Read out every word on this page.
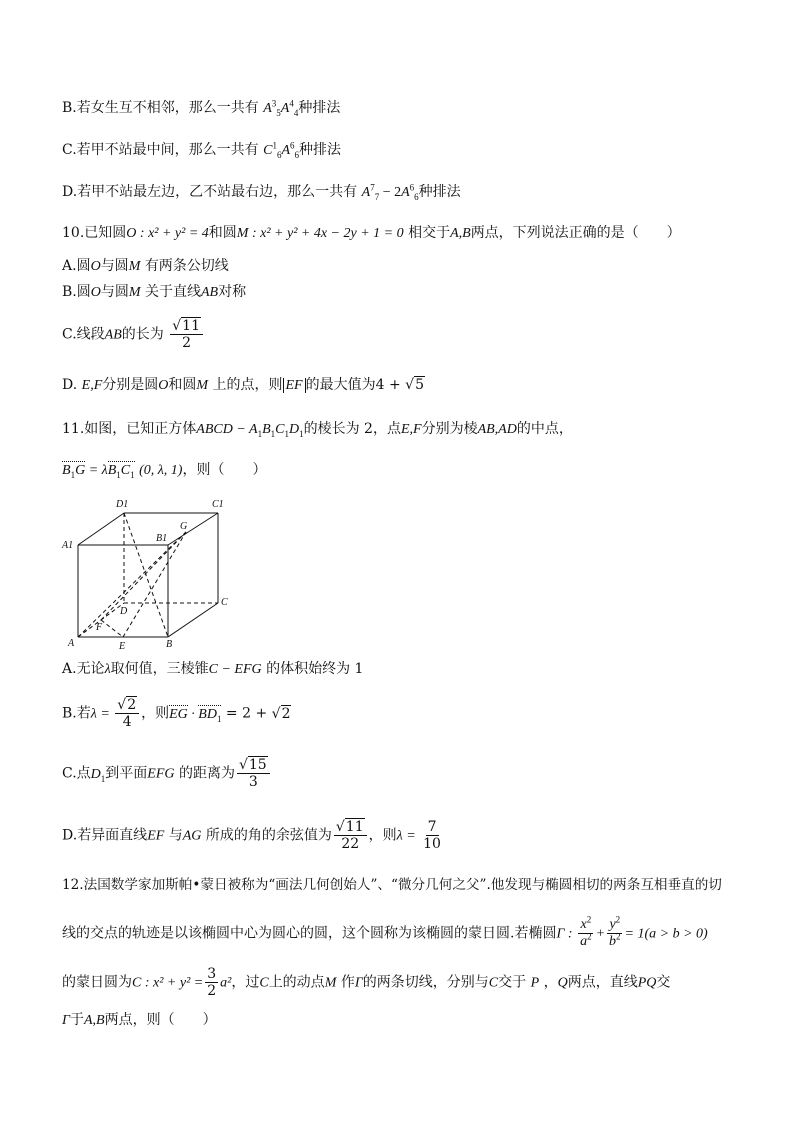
B.若女生互不相邻，那么一共有 $A^3_5A^4_4$种排法
C.若甲不站最中间，那么一共有 $C^1_6A^6_6$种排法
D.若甲不站最左边，乙不站最右边，那么一共有 $A^7_7 - 2A^6_6$种排法
10.已知圆O : x² + y² = 4和圆M : x² + y² + 4x − 2y + 1 = 0 相交于A,B两点，下列说法正确的是（　　）
A.圆O与圆M 有两条公切线
B.圆O与圆M 关于直线AB对称
C.线段AB的长为 $\frac{√11}{2}$
D. E,F分别是圆O和圆M 上的点，则 EF 的最大值为4 + √5
11.如图，已知正方体ABCD − $A_1B_1C_1D_1$的棱长为 2，点E,F分别为棱AB,AD的中点，
$B_1G = \lambda B_1C_1$ (0, λ, 1)，则（　　）
D1	C1
A1
B1
G
D
C
A
F
E	B
A.无论λ取何值，三棱锥C − EFG 的体积始终为 1
B.若$\lambda = \frac{√2}{4}$ ，则EG · $BD_1 = 2 + √2$
C.点$D_1$到平面EFG 的距离为 $\frac{√15}{3}$
D.若异面直线EF 与AG 所成的角的余弦值为 $\frac{√11}{22}$ ，则$\lambda = \frac{7}{10}$
12.法国数学家加斯帕•蒙日被称为“画法几何创始人”、“微分几何之父”.他发现与椭圆相切的两条互相垂直的切
线的交点的轨迹是以该椭圆中心为圆心的圆，这个圆称为该椭圆的蒙日圆.若椭圆Γ : $\frac{x^2}{a^2} + \frac{y^2}{b^2} = 1(a > b > 0)$
的蒙日圆为C : $x^2 + y^2 = \frac{3}{2} a^2$，过C上的动点M 作Γ的两条切线，分别与C交于 P ，Q两点，直线PQ交
Γ于A,B两点，则（　　）
